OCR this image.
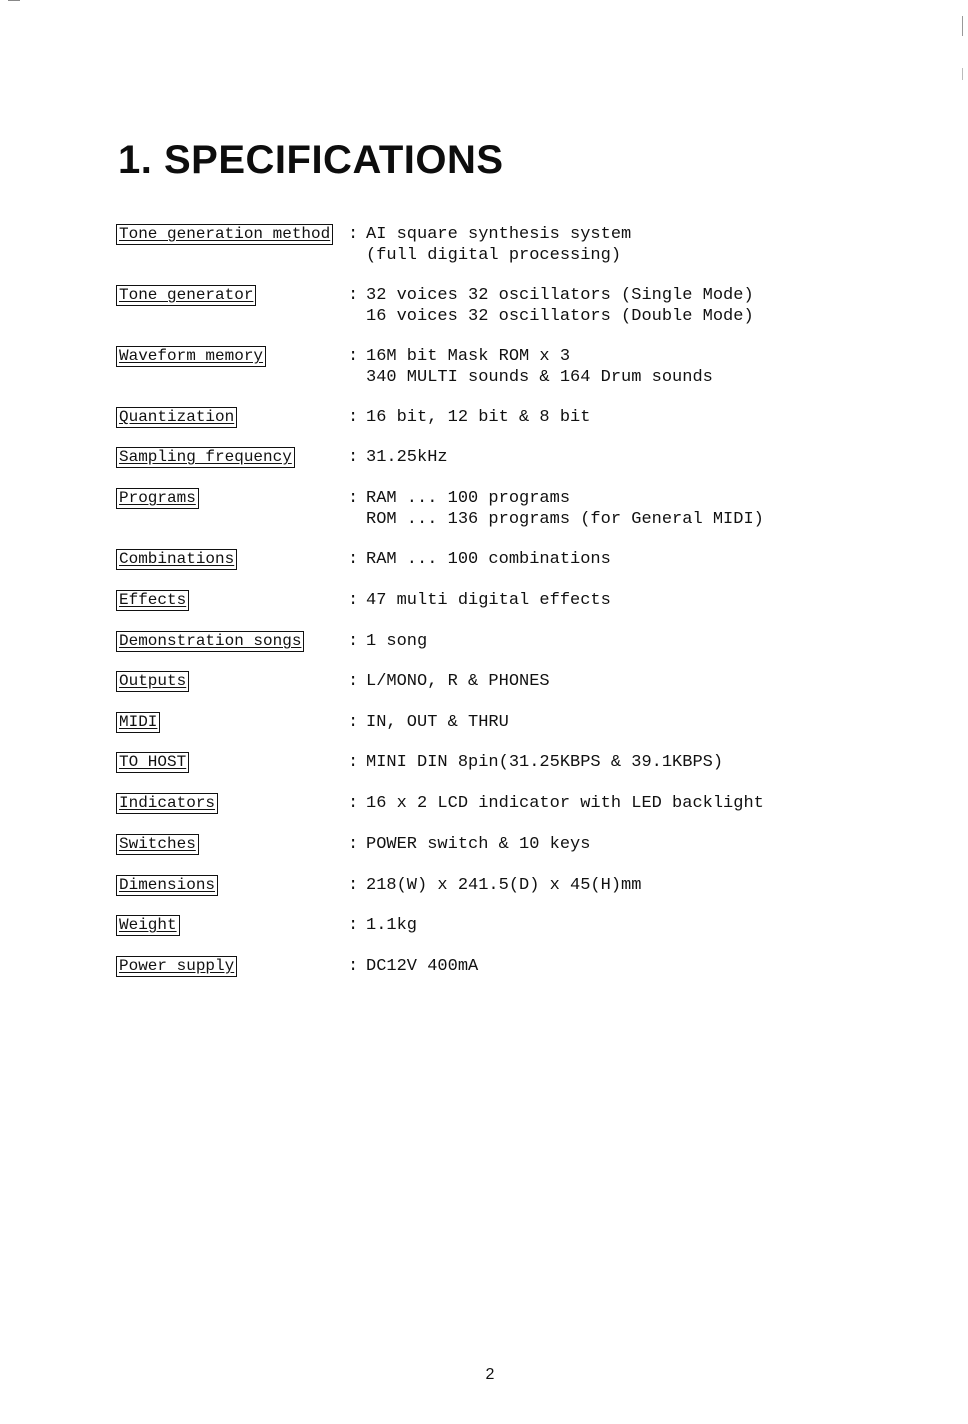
1. SPECIFICATIONS
Tone generation method : AI square synthesis system
(full digital processing)
Tone generator	: 32 voices 32 oscillators (Single Mode)
16 voices 32 oscillators (Double Mode)
Waveform memory	: 16M bit Mask ROM x 3
340 MULTI sounds & 164 Drum sounds
Quantization	: 16 bit, 12 bit & 8 bit
Sampling frequency	: 31.25kHz
Programs	: RAM ... 100 programs
ROM ... 136 programs (for General MIDI)
Combinations	: RAM ... 100 combinations
Effects	: 47 multi digital effects
Demonstration songs	: 1 song
Outputs	: L/MONO, R & PHONES
MIDI	: IN, OUT & THRU
TO HOST	: MINI DIN 8pin(31.25KBPS & 39.1KBPS)
Indicators	: 16 x 2 LCD indicator with LED backlight
Switches	: POWER switch & 10 keys
Dimensions	: 218(W) x 241.5(D) x 45(H)mm
Weight	: 1.1kg
Power supply	: DC12V 400mA
2
